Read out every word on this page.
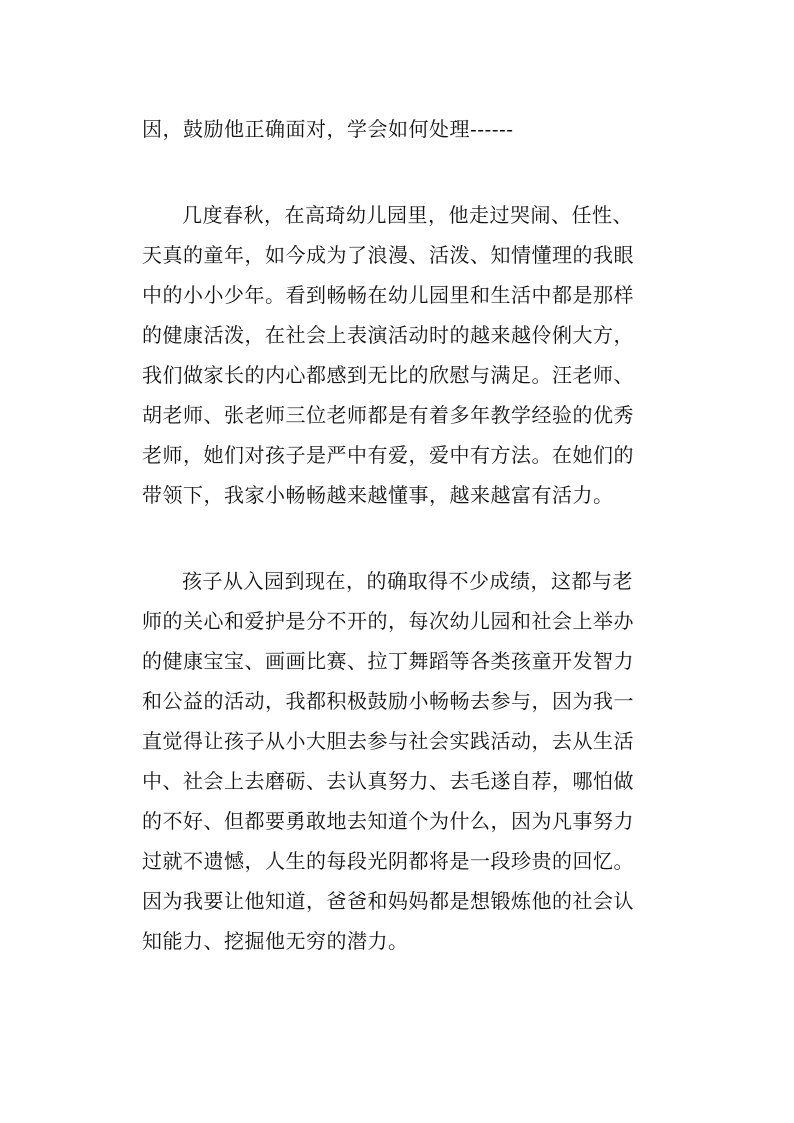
因，鼓励他正确面对，学会如何处理------
几度春秋，在高琦幼儿园里，他走过哭闹、任性、
天真的童年，如今成为了浪漫、活泼、知情懂理的我眼
中的小小少年。看到畅畅在幼儿园里和生活中都是那样
的健康活泼，在社会上表演活动时的越来越伶俐大方，
我们做家长的内心都感到无比的欣慰与满足。汪老师、
胡老师、张老师三位老师都是有着多年教学经验的优秀
老师，她们对孩子是严中有爱，爱中有方法。在她们的
带领下，我家小畅畅越来越懂事，越来越富有活力。
孩子从入园到现在，的确取得不少成绩，这都与老
师的关心和爱护是分不开的，每次幼儿园和社会上举办
的健康宝宝、画画比赛、拉丁舞蹈等各类孩童开发智力
和公益的活动，我都积极鼓励小畅畅去参与，因为我一
直觉得让孩子从小大胆去参与社会实践活动，去从生活
中、社会上去磨砺、去认真努力、去毛遂自荐，哪怕做
的不好、但都要勇敢地去知道个为什么，因为凡事努力
过就不遗憾，人生的每段光阴都将是一段珍贵的回忆。
因为我要让他知道，爸爸和妈妈都是想锻炼他的社会认
知能力、挖掘他无穷的潜力。
